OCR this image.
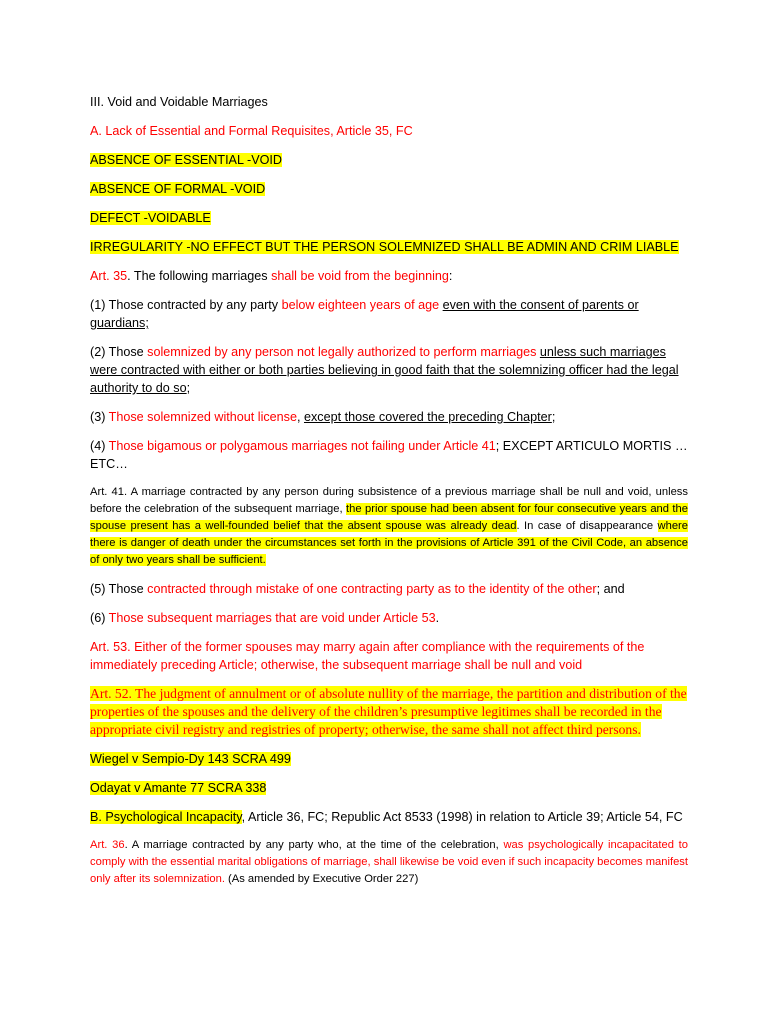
III. Void and Voidable Marriages

A. Lack of Essential and Formal Requisites, Article 35, FC

ABSENCE OF ESSENTIAL -VOID

ABSENCE OF FORMAL -VOID

DEFECT -VOIDABLE

IRREGULARITY -NO EFFECT BUT THE PERSON SOLEMNIZED SHALL BE ADMIN AND CRIM LIABLE

Art. 35. The following marriages shall be void from the beginning:

(1) Those contracted by any party below eighteen years of age even with the consent of parents or guardians;

(2) Those solemnized by any person not legally authorized to perform marriages unless such marriages were contracted with either or both parties believing in good faith that the solemnizing officer had the legal authority to do so;

(3) Those solemnized without license, except those covered the preceding Chapter;

(4) Those bigamous or polygamous marriages not failing under Article 41; EXCEPT ARTICULO MORTIS … ETC…

Art. 41. A marriage contracted by any person during subsistence of a previous marriage shall be null and void, unless before the celebration of the subsequent marriage, the prior spouse had been absent for four consecutive years and the spouse present has a well-founded belief that the absent spouse was already dead. In case of disappearance where there is danger of death under the circumstances set forth in the provisions of Article 391 of the Civil Code, an absence of only two years shall be sufficient.

(5) Those contracted through mistake of one contracting party as to the identity of the other; and

(6) Those subsequent marriages that are void under Article 53.

Art. 53. Either of the former spouses may marry again after compliance with the requirements of the immediately preceding Article; otherwise, the subsequent marriage shall be null and void

Art. 52. The judgment of annulment or of absolute nullity of the marriage, the partition and distribution of the properties of the spouses and the delivery of the children’s presumptive legitimes shall be recorded in the appropriate civil registry and registries of property; otherwise, the same shall not affect third persons.

Wiegel v Sempio-Dy 143 SCRA 499

Odayat v Amante 77 SCRA 338

B. Psychological Incapacity, Article 36, FC; Republic Act 8533 (1998) in relation to Article 39; Article 54, FC

Art. 36. A marriage contracted by any party who, at the time of the celebration, was psychologically incapacitated to comply with the essential marital obligations of marriage, shall likewise be void even if such incapacity becomes manifest only after its solemnization. (As amended by Executive Order 227)
